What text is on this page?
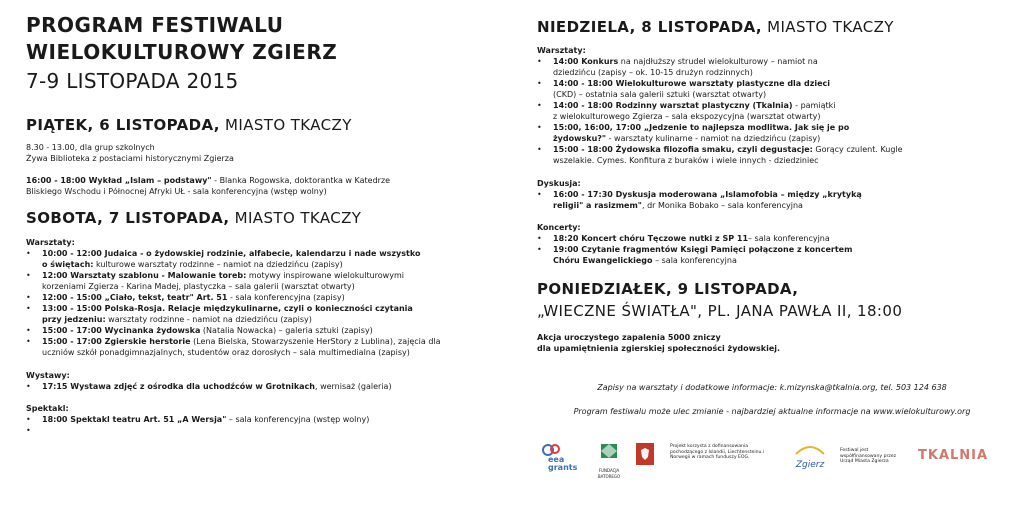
PROGRAM FESTIWALU
WIELOKULTUROWY ZGIERZ
7-9 LISTOPADA 2015
PIĄTEK, 6 LISTOPADA, MIASTO TKACZY
8.30 - 13.00, dla grup szkolnych
Żywa Biblioteka z postaciami historycznymi Zgierza
16:00 - 18:00 Wykład „Islam – podstawy" - Blanka Rogowska, doktorantka w Katedrze
Bliskiego Wschodu i Północnej Afryki UŁ - sala konferencyjna (wstęp wolny)
SOBOTA, 7 LISTOPADA, MIASTO TKACZY
Warsztaty:
• 10:00 - 12:00 Judaica - o żydowskiej rodzinie, alfabecie, kalendarzu i nade wszystko
o świętach: kulturowe warsztaty rodzinne – namiot na dziedzińcu (zapisy)
• 12:00 Warsztaty szablonu - Malowanie toreb: motywy inspirowane wielokulturowymi
korzeniami Zgierza - Karina Madej, plastyczka – sala galerii (warsztat otwarty)
• 12:00 - 15:00 „Ciało, tekst, teatr" Art. 51 - sala konferencyjna (zapisy)
• 13:00 - 15:00 Polska-Rosja. Relacje międzykulinarne, czyli o konieczności czytania
przy jedzeniu: warsztaty rodzinne - namiot na dziedzińcu (zapisy)
• 15:00 - 17:00 Wycinanka żydowska (Natalia Nowacka) – galeria sztuki (zapisy)
• 15:00 - 17:00 Zgierskie herstorie (Lena Bielska, Stowarzyszenie HerStory z Lublina), zajęcia dla
uczniów szkół ponadgimnazjalnych, studentów oraz dorosłych – sala multimedialna (zapisy)
Wystawy:
• 17:15 Wystawa zdjęć z ośrodka dla uchodźców w Grotnikach, wernisaż (galeria)
Spektakl:
• 18:00 Spektakl teatru Art. 51 „A Wersja" – sala konferencyjna (wstęp wolny)
NIEDZIELA, 8 LISTOPADA, MIASTO TKACZY
Warsztaty:
• 14:00 Konkurs na najdłuższy strudel wielokulturowy – namiot na
dziedzińcu (zapisy – ok. 10-15 drużyn rodzinnych)
• 14:00 - 18:00 Wielokulturowe warsztaty plastyczne dla dzieci
(CKD) – ostatnia sala galerii sztuki (warsztat otwarty)
• 14:00 - 18:00 Rodzinny warsztat plastyczny (Tkalnia) - pamiątki
z wielokulturowego Zgierza – sala ekspozycyjna (warsztat otwarty)
• 15:00, 16:00, 17:00 „Jedzenie to najlepsza modlitwa. Jak się je po
żydowsku?" - warsztaty kulinarne - namiot na dziedzińcu (zapisy)
• 15:00 - 18:00 Żydowska filozofia smaku, czyli degustacje: Gorący czulent. Kugle
wszelakie. Cymes. Konfitura z buraków i wiele innych - dziedziniec
Dyskusja:
• 16:00 - 17:30 Dyskusja moderowana „Islamofobia – między „krytyką
religii" a rasizmem", dr Monika Bobako – sala konferencyjna
Koncerty:
• 18:20 Koncert chóru Tęczowe nutki z SP 11– sala konferencyjna
• 19:00 Czytanie fragmentów Księgi Pamięci połączone z koncertem
Chóru Ewangelickiego – sala konferencyjna
PONIEDZIAŁEK, 9 LISTOPADA,
„WIECZNE ŚWIATŁA", PL. JANA PAWŁA II, 18:00
Akcja uroczystego zapalenia 5000 zniczy
dla upamiętnienia zgierskiej społeczności żydowskiej.
Zapisy na warsztaty i dodatkowe informacje: k.mizynska@tkalnia.org, tel. 503 124 638
Program festiwalu może ulec zmianie - najbardziej aktualne informacje na www.wielokulturowy.org
eea grants	FUNDACJA BATOREGO
Projekt korzysta z dofinansowania pochodzącego z Islandii, Liechtensteinu i Norwegii w ramach funduszy EOG.
Zgierz
Festiwal jest współfinansowany przez Urząd Miasta Zgierza	TKALNIA
